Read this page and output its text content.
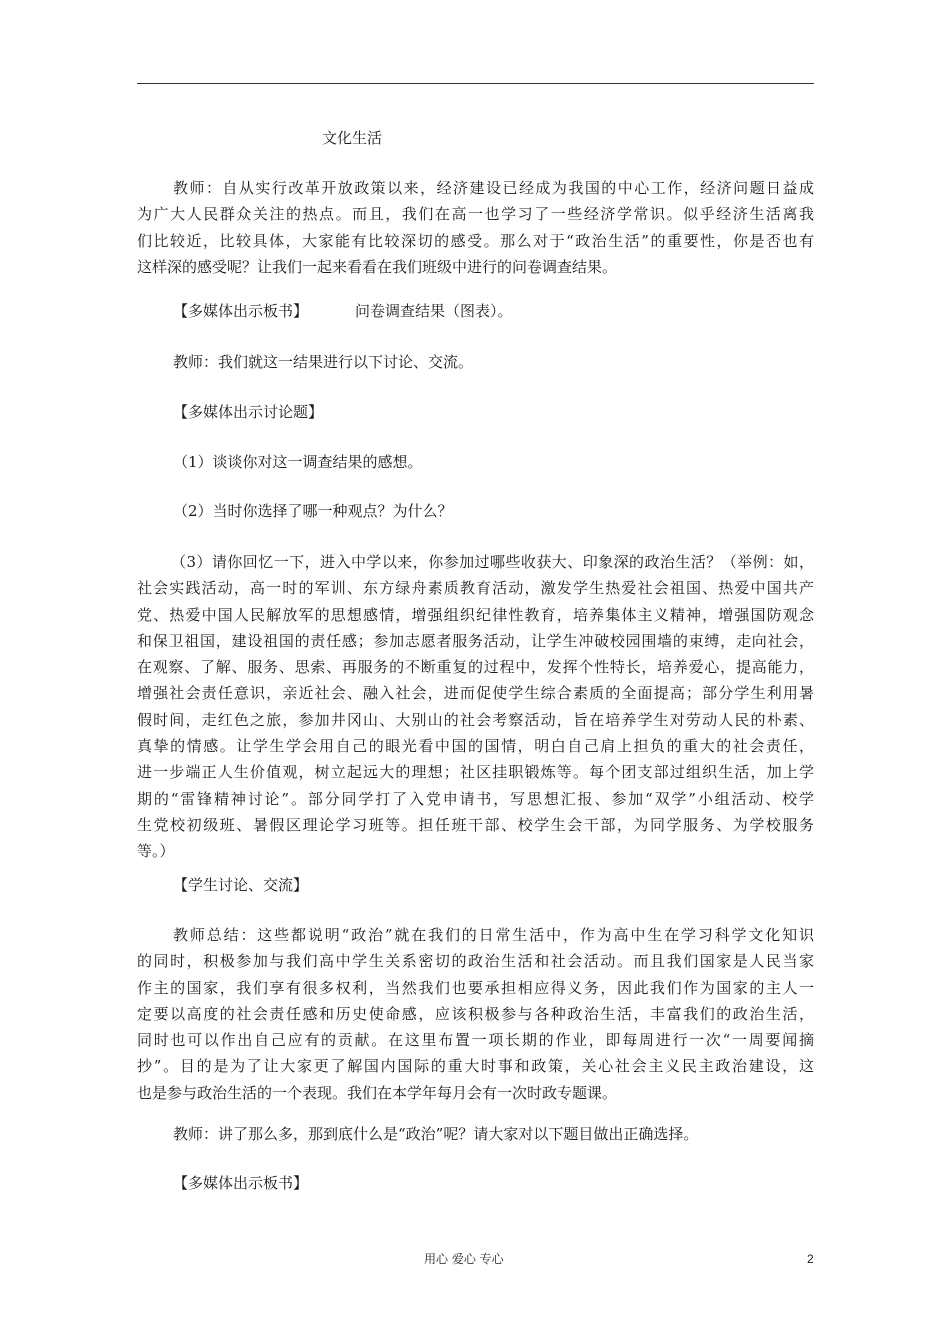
文化生活
教师：自从实行改革开放政策以来，经济建设已经成为我国的中心工作，经济问题日益成
为广大人民群众关注的热点。而且，我们在高一也学习了一些经济学常识。似乎经济生活离我
们比较近，比较具体，大家能有比较深切的感受。那么对于“政治生活”的重要性，你是否也有
这样深的感受呢？让我们一起来看看在我们班级中进行的问卷调查结果。
【多媒体出示板书】	问卷调查结果（图表）。
教师：我们就这一结果进行以下讨论、交流。
【多媒体出示讨论题】
（1）谈谈你对这一调查结果的感想。
（2）当时你选择了哪一种观点？为什么？
（3）请你回忆一下，进入中学以来，你参加过哪些收获大、印象深的政治生活？（举例：如，
社会实践活动，高一时的军训、东方绿舟素质教育活动，激发学生热爱社会祖国、热爱中国共产
党、热爱中国人民解放军的思想感情，增强组织纪律性教育，培养集体主义精神，增强国防观念
和保卫祖国，建设祖国的责任感；参加志愿者服务活动，让学生冲破校园围墙的束缚，走向社会，
在观察、了解、服务、思索、再服务的不断重复的过程中，发挥个性特长，培养爱心，提高能力，
增强社会责任意识，亲近社会、融入社会，进而促使学生综合素质的全面提高；部分学生利用暑
假时间，走红色之旅，参加井冈山、大别山的社会考察活动，旨在培养学生对劳动人民的朴素、
真挚的情感。让学生学会用自己的眼光看中国的国情，明白自己肩上担负的重大的社会责任，
进一步端正人生价值观，树立起远大的理想；社区挂职锻炼等。每个团支部过组织生活，加上学
期的“雷锋精神讨论”。部分同学打了入党申请书，写思想汇报、参加“双学”小组活动、校学
生党校初级班、暑假区理论学习班等。担任班干部、校学生会干部，为同学服务、为学校服务
等。）
【学生讨论、交流】
教师总结：这些都说明“政治”就在我们的日常生活中，作为高中生在学习科学文化知识
的同时，积极参加与我们高中学生关系密切的政治生活和社会活动。而且我们国家是人民当家
作主的国家，我们享有很多权利，当然我们也要承担相应得义务，因此我们作为国家的主人一
定要以高度的社会责任感和历史使命感，应该积极参与各种政治生活，丰富我们的政治生活，
同时也可以作出自己应有的贡献。在这里布置一项长期的作业，即每周进行一次“一周要闻摘
抄”。目的是为了让大家更了解国内国际的重大时事和政策，关心社会主义民主政治建设，这
也是参与政治生活的一个表现。我们在本学年每月会有一次时政专题课。
教师：讲了那么多，那到底什么是“政治”呢？请大家对以下题目做出正确选择。
【多媒体出示板书】
用心 爱心 专心	2
